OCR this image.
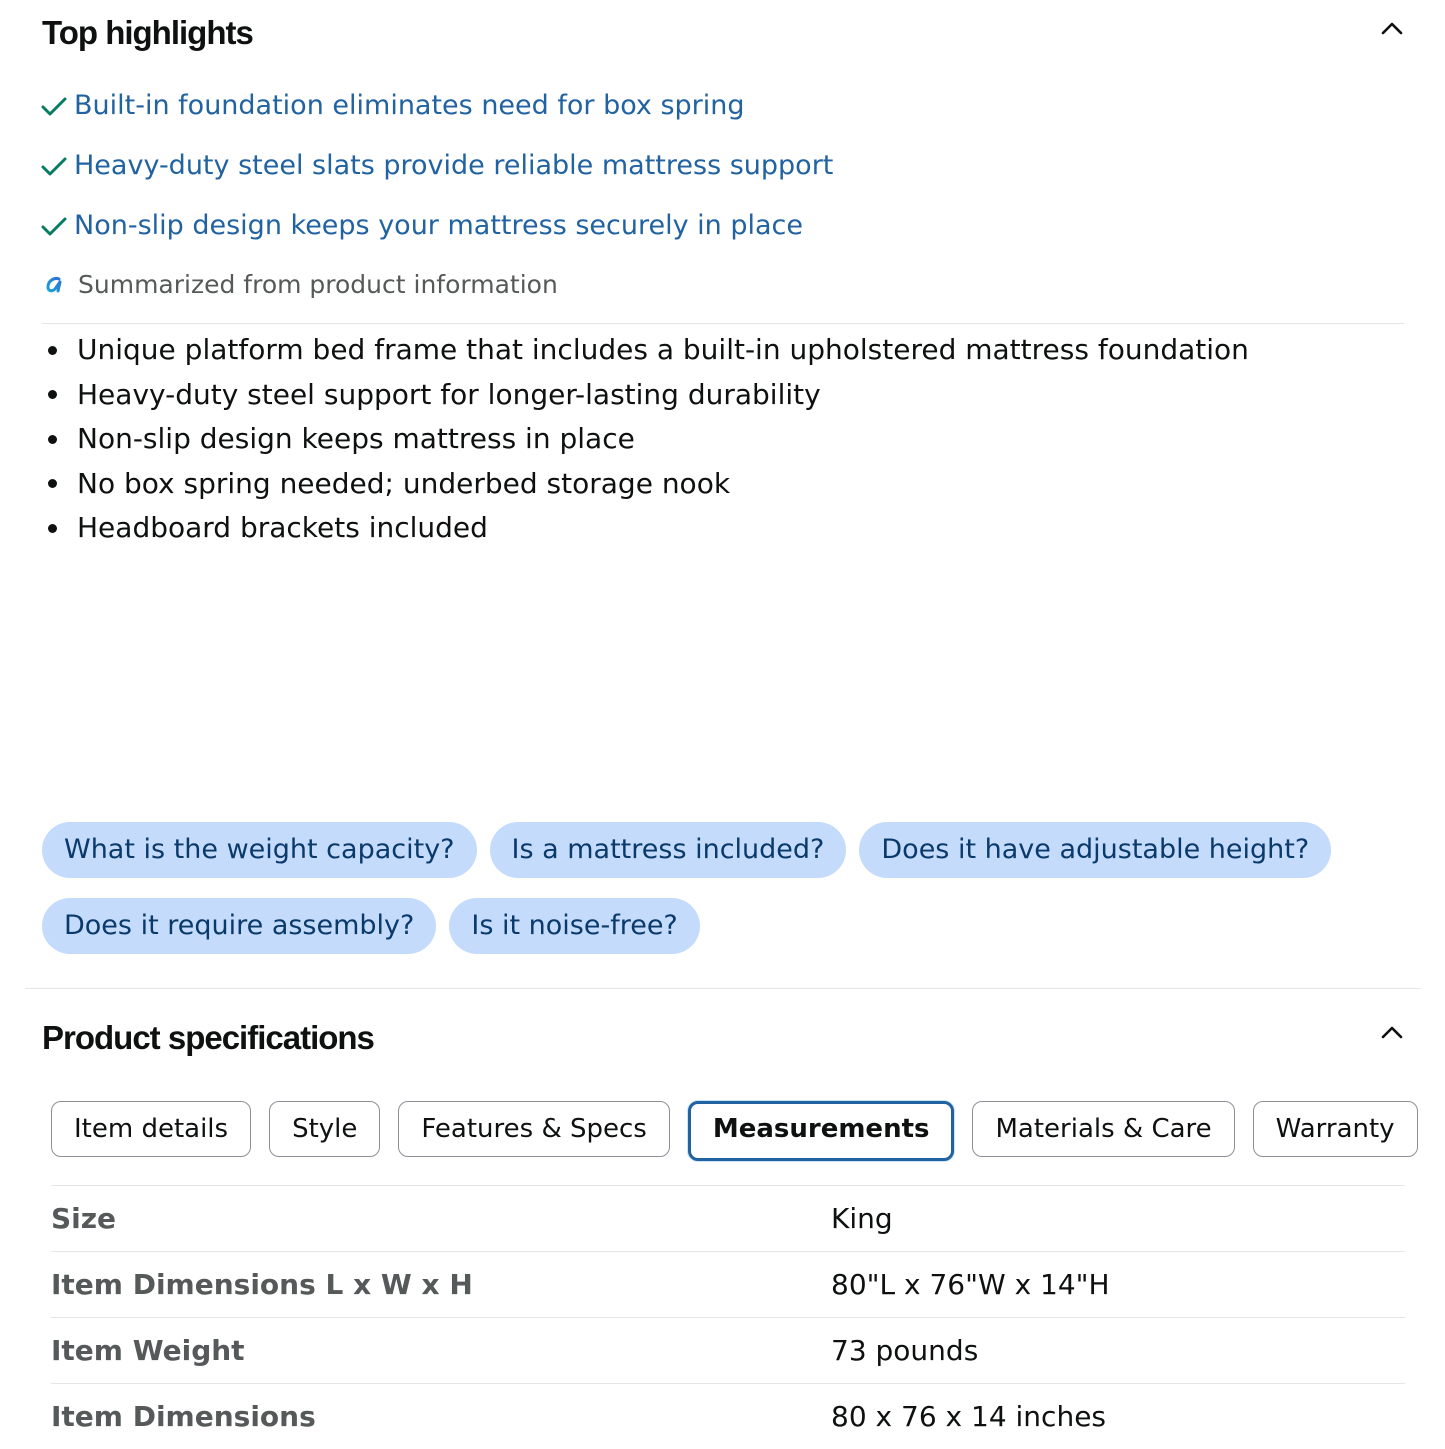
Top highlights
Built-in foundation eliminates need for box spring
Heavy-duty steel slats provide reliable mattress support
Non-slip design keeps your mattress securely in place
Summarized from product information
Unique platform bed frame that includes a built-in upholstered mattress foundation
Heavy-duty steel support for longer-lasting durability
Non-slip design keeps mattress in place
No box spring needed; underbed storage nook
Headboard brackets included
What is the weight capacity?	Is a mattress included?	Does it have adjustable height?
Does it require assembly?	Is it noise-free?
Product specifications
Item details	Style	Features & Specs	Measurements	Materials & Care	Warranty
Size	King
Item Dimensions L x W x H	80"L x 76"W x 14"H
Item Weight	73 pounds
Item Dimensions	80 x 76 x 14 inches
